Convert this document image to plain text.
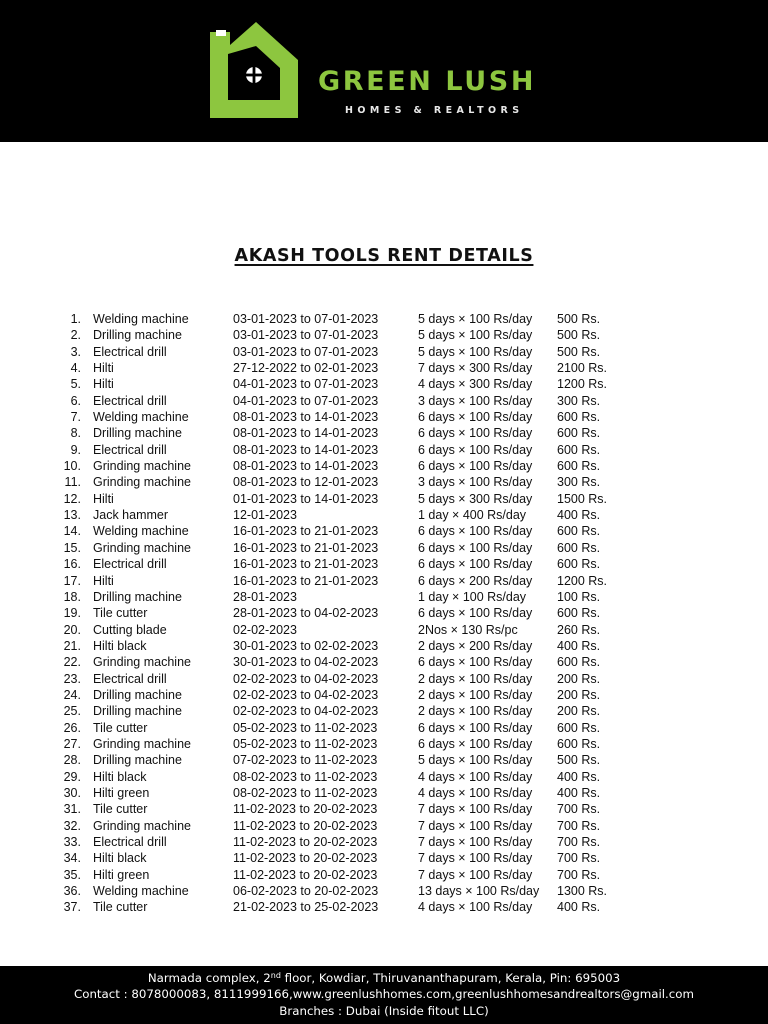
GREEN LUSH
HOMES & REALTORS
AKASH TOOLS RENT DETAILS
1. Welding machine	03-01-2023 to 07-01-2023	5 days × 100 Rs/day 500 Rs.
2. Drilling machine	03-01-2023 to 07-01-2023	5 days × 100 Rs/day 500 Rs.
3. Electrical drill	03-01-2023 to 07-01-2023	5 days × 100 Rs/day 500 Rs.
4. Hilti	27-12-2022 to 02-01-2023	7 days × 300 Rs/day 2100 Rs.
5. Hilti	04-01-2023 to 07-01-2023	4 days × 300 Rs/day 1200 Rs.
6. Electrical drill	04-01-2023 to 07-01-2023	3 days × 100 Rs/day 300 Rs.
7. Welding machine	08-01-2023 to 14-01-2023	6 days × 100 Rs/day 600 Rs.
8. Drilling machine	08-01-2023 to 14-01-2023	6 days × 100 Rs/day 600 Rs.
9. Electrical drill	08-01-2023 to 14-01-2023	6 days × 100 Rs/day 600 Rs.
10. Grinding machine	08-01-2023 to 14-01-2023	6 days × 100 Rs/day 600 Rs.
11. Grinding machine	08-01-2023 to 12-01-2023	3 days × 100 Rs/day 300 Rs.
12. Hilti	01-01-2023 to 14-01-2023	5 days × 300 Rs/day 1500 Rs.
13. Jack hammer	12-01-2023	1 day × 400 Rs/day 400 Rs.
14. Welding machine	16-01-2023 to 21-01-2023	6 days × 100 Rs/day 600 Rs.
15. Grinding machine	16-01-2023 to 21-01-2023	6 days × 100 Rs/day 600 Rs.
16. Electrical drill	16-01-2023 to 21-01-2023	6 days × 100 Rs/day 600 Rs.
17. Hilti	16-01-2023 to 21-01-2023	6 days × 200 Rs/day 1200 Rs.
18. Drilling machine	28-01-2023	1 day × 100 Rs/day 100 Rs.
19. Tile cutter	28-01-2023 to 04-02-2023	6 days × 100 Rs/day 600 Rs.
20. Cutting blade	02-02-2023	2Nos × 130 Rs/pc	260 Rs.
21. Hilti black	30-01-2023 to 02-02-2023	2 days × 200 Rs/day 400 Rs.
22. Grinding machine	30-01-2023 to 04-02-2023	6 days × 100 Rs/day 600 Rs.
23. Electrical drill	02-02-2023 to 04-02-2023	2 days × 100 Rs/day 200 Rs.
24. Drilling machine	02-02-2023 to 04-02-2023	2 days × 100 Rs/day 200 Rs.
25. Drilling machine	02-02-2023 to 04-02-2023	2 days × 100 Rs/day 200 Rs.
26. Tile cutter	05-02-2023 to 11-02-2023	6 days × 100 Rs/day 600 Rs.
27. Grinding machine	05-02-2023 to 11-02-2023	6 days × 100 Rs/day 600 Rs.
28. Drilling machine	07-02-2023 to 11-02-2023	5 days × 100 Rs/day 500 Rs.
29. Hilti black	08-02-2023 to 11-02-2023	4 days × 100 Rs/day 400 Rs.
30. Hilti green	08-02-2023 to 11-02-2023	4 days × 100 Rs/day 400 Rs.
31. Tile cutter	11-02-2023 to 20-02-2023	7 days × 100 Rs/day 700 Rs.
32. Grinding machine	11-02-2023 to 20-02-2023	7 days × 100 Rs/day 700 Rs.
33. Electrical drill	11-02-2023 to 20-02-2023	7 days × 100 Rs/day 700 Rs.
34. Hilti black	11-02-2023 to 20-02-2023	7 days × 100 Rs/day 700 Rs.
35. Hilti green	11-02-2023 to 20-02-2023	7 days × 100 Rs/day 700 Rs.
36. Welding machine	06-02-2023 to 20-02-2023	13 days × 100 Rs/day 1300 Rs.
37. Tile cutter	21-02-2023 to 25-02-2023	4 days × 100 Rs/day 400 Rs.
Narmada complex, 2nd floor, Kowdiar, Thiruvananthapuram, Kerala, Pin: 695003
Contact : 8078000083, 8111999166,www.greenlushhomes.com,greenlushhomesandrealtors@gmail.com
Branches : Dubai (Inside fitout LLC)
